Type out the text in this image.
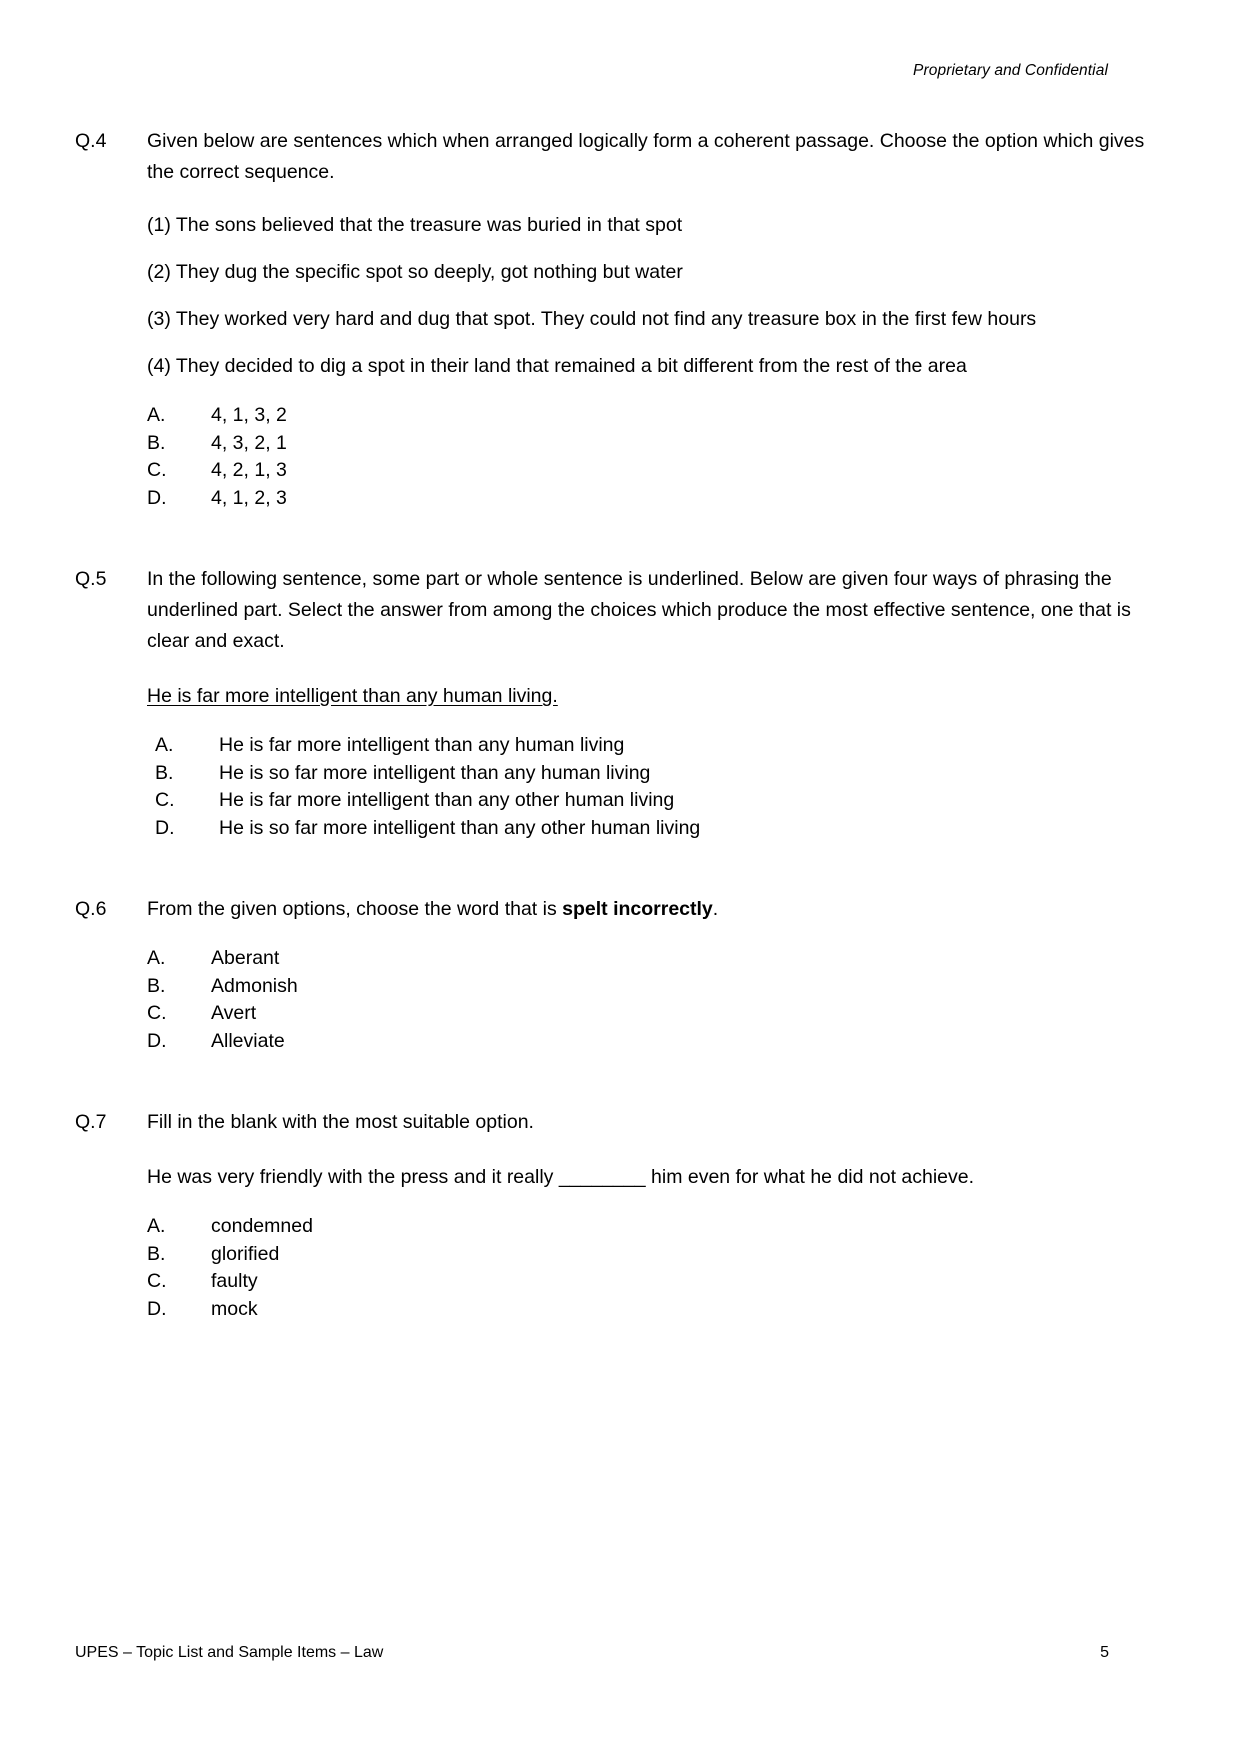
Proprietary and Confidential
Q.4	Given below are sentences which when arranged logically form a coherent passage. Choose the option which gives the correct sequence.
(1) The sons believed that the treasure was buried in that spot
(2) They dug the specific spot so deeply, got nothing but water
(3) They worked very hard and dug that spot. They could not find any treasure box in the first few hours
(4) They decided to dig a spot in their land that remained a bit different from the rest of the area
A.	4, 1, 3, 2
B.	4, 3, 2, 1
C.	4, 2, 1, 3
D.	4, 1, 2, 3
Q.5	In the following sentence, some part or whole sentence is underlined. Below are given four ways of phrasing the underlined part. Select the answer from among the choices which produce the most effective sentence, one that is clear and exact.
He is far more intelligent than any human living.
A.	He is far more intelligent than any human living
B.	He is so far more intelligent than any human living
C.	He is far more intelligent than any other human living
D.	He is so far more intelligent than any other human living
Q.6	From the given options, choose the word that is spelt incorrectly.
A.	Aberant
B.	Admonish
C.	Avert
D.	Alleviate
Q.7	Fill in the blank with the most suitable option.
He was very friendly with the press and it really ________ him even for what he did not achieve.
A.	condemned
B.	glorified
C.	faulty
D.	mock
UPES – Topic List and Sample Items – Law	5
